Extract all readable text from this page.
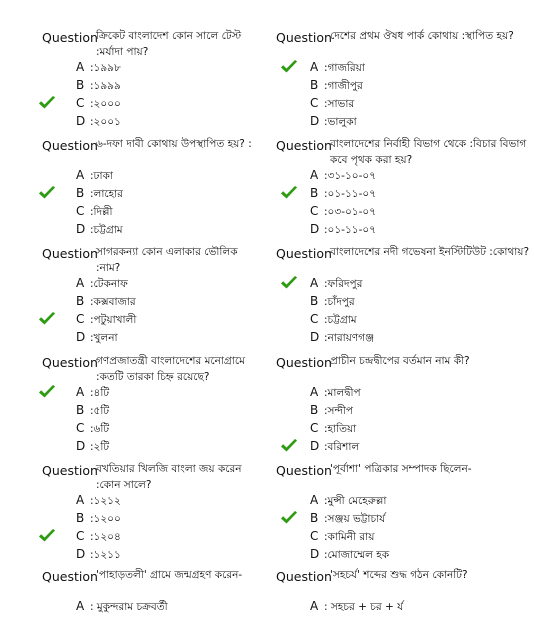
Question
ক্রিকেট বাংলাদেশ কোন সালে টেস্ট :মর্যাদা পায়?
A :১৯৯৮
B :১৯৯৯
C :২০০০
D :২০০১
Question
৬-দফা দাবী কোথায় উপস্থাপিত হয়? :
A :ঢাকা
B :লাহোর
C :দিল্লী
D :চট্টগ্রাম
Question
সাগরকন্যা কোন এলাকার ভৌলিক :নাম?
A :টেকনাফ
B :কক্সবাজার
C :পটুয়াখালী
D :খুলনা
Question
গণপ্রজাতন্ত্রী বাংলাদেশের মনোগ্রামে :কতটি তারকা চিহ্ন রয়েছে?
A :৪টি
B :৫টি
C :৬টি
D :২টি
Question
বখতিয়ার খিলজি বাংলা জয় করেন :কোন সালে?
A :১২১২
B :১২০০
C :১২০৪
D :১২১১
Question
'পাহাড়তলী' গ্রামে জন্মগ্রহণ করেন-
A : মুকুন্দরাম চক্রবর্তী
Question
দেশের প্রথম ঔষধ পার্ক কোথায় :স্থাপিত হয়?
A :গাজরিয়া
B :গাজীপুর
C :সাভার
D :ভালুকা
Question
বাংলাদেশের নির্বাহী বিভাগ থেকে :বিচার বিভাগ কবে পৃথক করা হয়?
A :৩১-১০-০৭
B :০১-১১-০৭
C :০৩-০১-০৭
D :০১-১১-০৭
Question
বাংলাদেশের নদী গভেষনা ইনস্টিটিউট :কোথায়?
A :ফরিদপুর
B :চাঁদপুর
C :চট্টগ্রাম
D :নারায়ণগঞ্জ
Question
প্রাচীন চন্দ্রদ্বীপের বর্তমান নাম কী?
A :মালদ্বীপ
B :সন্দীপ
C :হাতিয়া
D :বরিশাল
Question
'পূর্বাশা' পত্রিকার সম্পাদক ছিলেন-
A :মুন্সী মেহেরুল্লা
B :সঞ্জয় ভট্টাচার্য
C :কামিনী রায়
D :মোজাম্মেল হক
Question
'সহচর্য' শব্দের শুদ্ধ গঠন কোনটি?
A : সহচর + চর + র্য
